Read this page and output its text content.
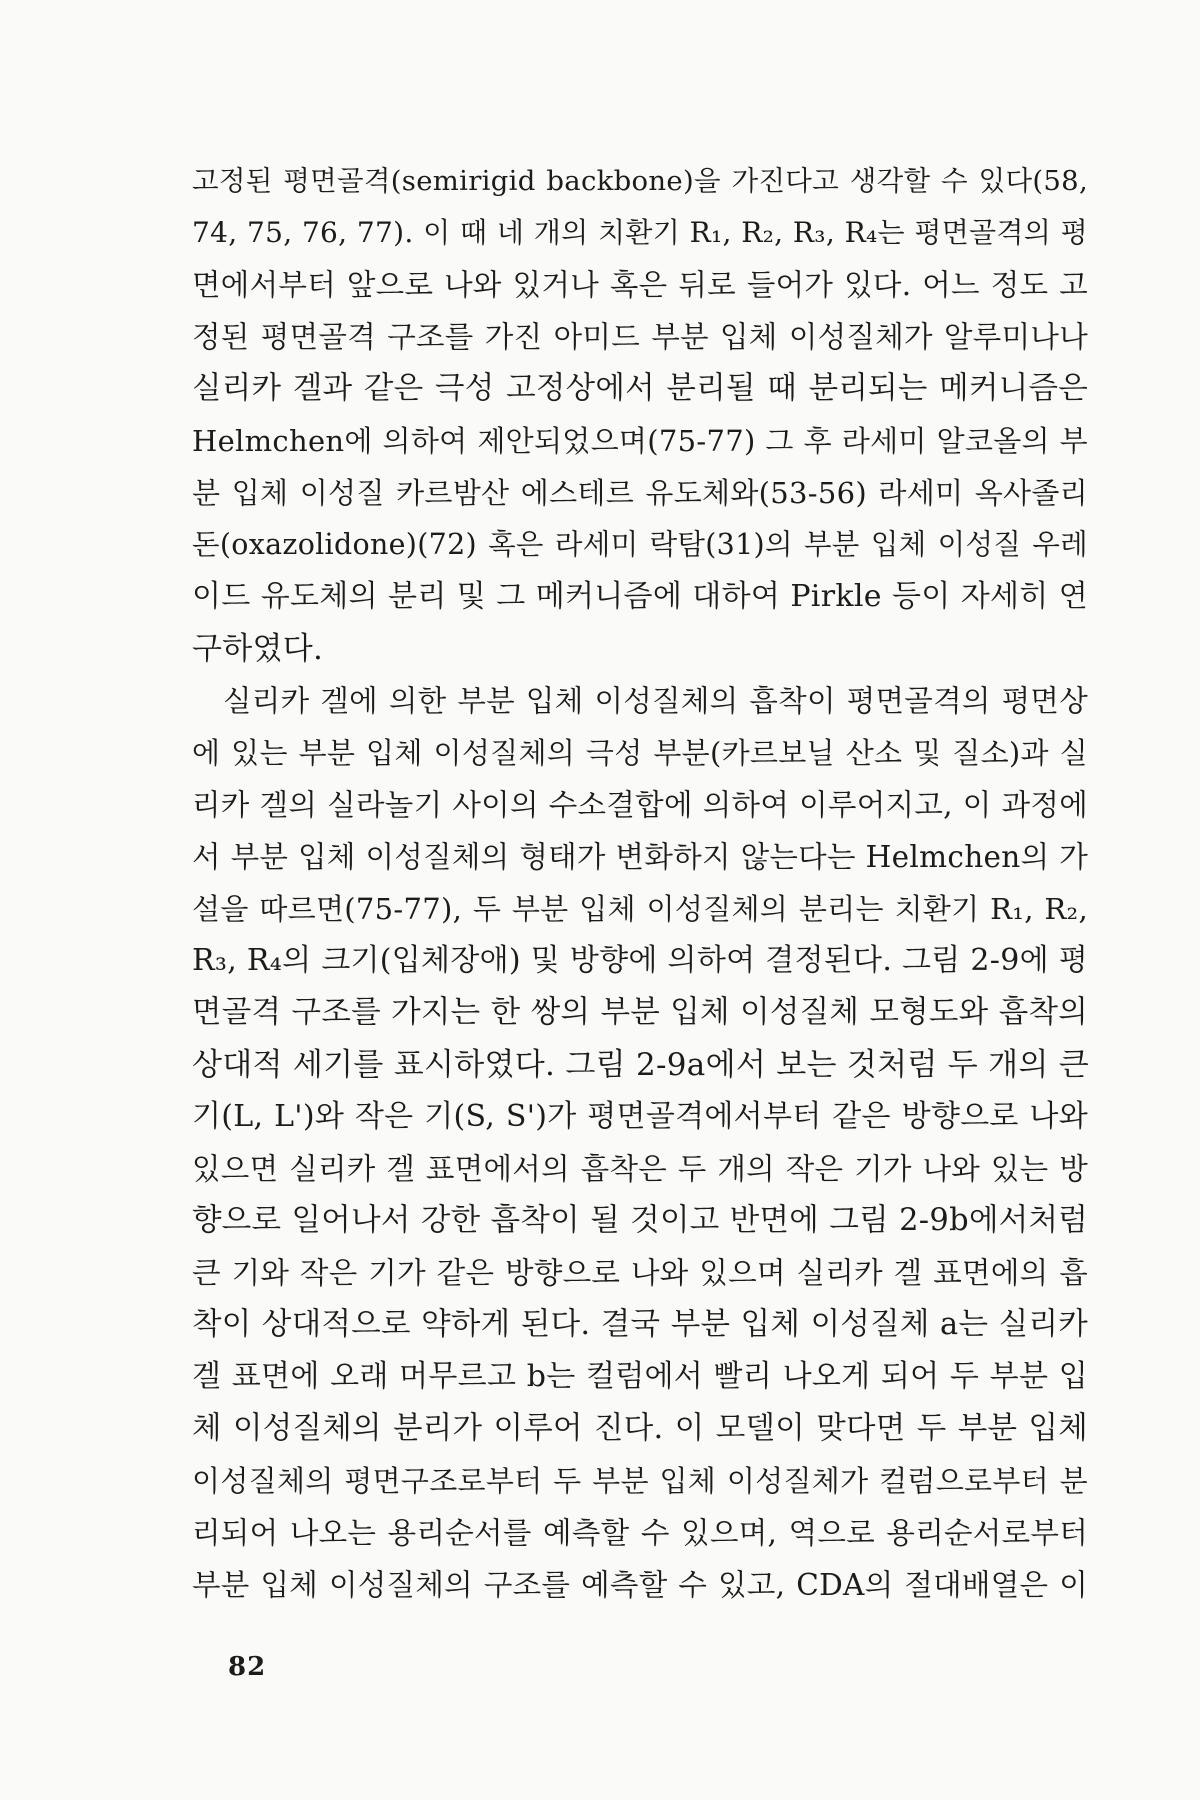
고정된 평면골격(semirigid backbone)을 가진다고 생각할 수 있다(58,
74, 75, 76, 77). 이 때 네 개의 치환기 R₁, R₂, R₃, R₄는 평면골격의 평
면에서부터 앞으로 나와 있거나 혹은 뒤로 들어가 있다. 어느 정도 고
정된 평면골격 구조를 가진 아미드 부분 입체 이성질체가 알루미나나
실리카 겔과 같은 극성 고정상에서 분리될 때 분리되는 메커니즘은
Helmchen에 의하여 제안되었으며(75-77) 그 후 라세미 알코올의 부
분 입체 이성질 카르밤산 에스테르 유도체와(53-56) 라세미 옥사졸리
돈(oxazolidone)(72) 혹은 라세미 락탐(31)의 부분 입체 이성질 우레
이드 유도체의 분리 및 그 메커니즘에 대하여 Pirkle 등이 자세히 연
구하였다.
실리카 겔에 의한 부분 입체 이성질체의 흡착이 평면골격의 평면상
에 있는 부분 입체 이성질체의 극성 부분(카르보닐 산소 및 질소)과 실
리카 겔의 실라놀기 사이의 수소결합에 의하여 이루어지고, 이 과정에
서 부분 입체 이성질체의 형태가 변화하지 않는다는 Helmchen의 가
설을 따르면(75-77), 두 부분 입체 이성질체의 분리는 치환기 R₁, R₂,
R₃, R₄의 크기(입체장애) 및 방향에 의하여 결정된다. 그림 2-9에 평
면골격 구조를 가지는 한 쌍의 부분 입체 이성질체 모형도와 흡착의
상대적 세기를 표시하였다. 그림 2-9a에서 보는 것처럼 두 개의 큰
기(L, L')와 작은 기(S, S')가 평면골격에서부터 같은 방향으로 나와
있으면 실리카 겔 표면에서의 흡착은 두 개의 작은 기가 나와 있는 방
향으로 일어나서 강한 흡착이 될 것이고 반면에 그림 2-9b에서처럼
큰 기와 작은 기가 같은 방향으로 나와 있으며 실리카 겔 표면에의 흡
착이 상대적으로 약하게 된다. 결국 부분 입체 이성질체 a는 실리카
겔 표면에 오래 머무르고 b는 컬럼에서 빨리 나오게 되어 두 부분 입
체 이성질체의 분리가 이루어 진다. 이 모델이 맞다면 두 부분 입체
이성질체의 평면구조로부터 두 부분 입체 이성질체가 컬럼으로부터 분
리되어 나오는 용리순서를 예측할 수 있으며, 역으로 용리순서로부터
부분 입체 이성질체의 구조를 예측할 수 있고, CDA의 절대배열은 이
82
